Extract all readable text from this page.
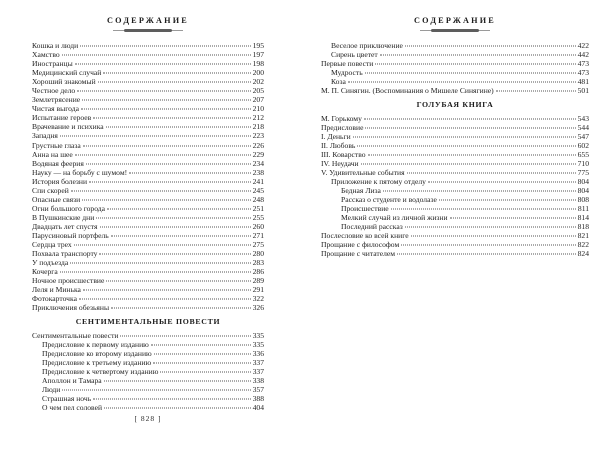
СОДЕРЖАНИЕ
Кошка и люди	195
Хамство	197
Иностранцы	198
Медицинский случай	200
Хороший знакомый	202
Честное дело	205
Землетрясение	207
Чистая выгода	210
Испытание героев	212
Врачевание и психика	218
Западня	223
Грустные глаза	226
Анна на шее	229
Водяная феерия	234
Науку — на борьбу с шумом!	238
История болезни	241
Спи скорей	245
Опасные связи	248
Огни большого города	251
В Пушкинские дни	255
Двадцать лет спустя	260
Парусиновый портфель	271
Сердца трех	275
Похвала транспорту	280
У подъезда	283
Кочерга	286
Ночное происшествие	289
Леля и Минька	291
Фотокарточка	322
Приключения обезьяны	326
СЕНТИМЕНТАЛЬНЫЕ ПОВЕСТИ
Сентиментальные повести	335
Предисловие к первому изданию	335
Предисловие ко второму изданию	336
Предисловие к третьему изданию	337
Предисловие к четвертому изданию	337
Аполлон и Тамара	338
Люди	357
Страшная ночь	388
О чем пел соловей	404
СОДЕРЖАНИЕ
Веселое приключение	422
Сирень цветет	442
Первые повести	473
Мудрость	473
Коза	481
М. П. Синягин. (Воспоминания о Мишеле Синягине)	501
ГОЛУБАЯ КНИГА
М. Горькому	543
Предисловие	544
I. Деньги	547
II. Любовь	602
III. Коварство	655
IV. Неудачи	710
V. Удивительные события	775
Приложение к пятому отделу	804
Бедная Лиза	804
Рассказ о студенте и водолазе	808
Происшествие	811
Мелкий случай из личной жизни	814
Последний рассказ	818
Послесловие ко всей книге	821
Прощание с философом	822
Прощание с читателем	824
[ 828 ]
